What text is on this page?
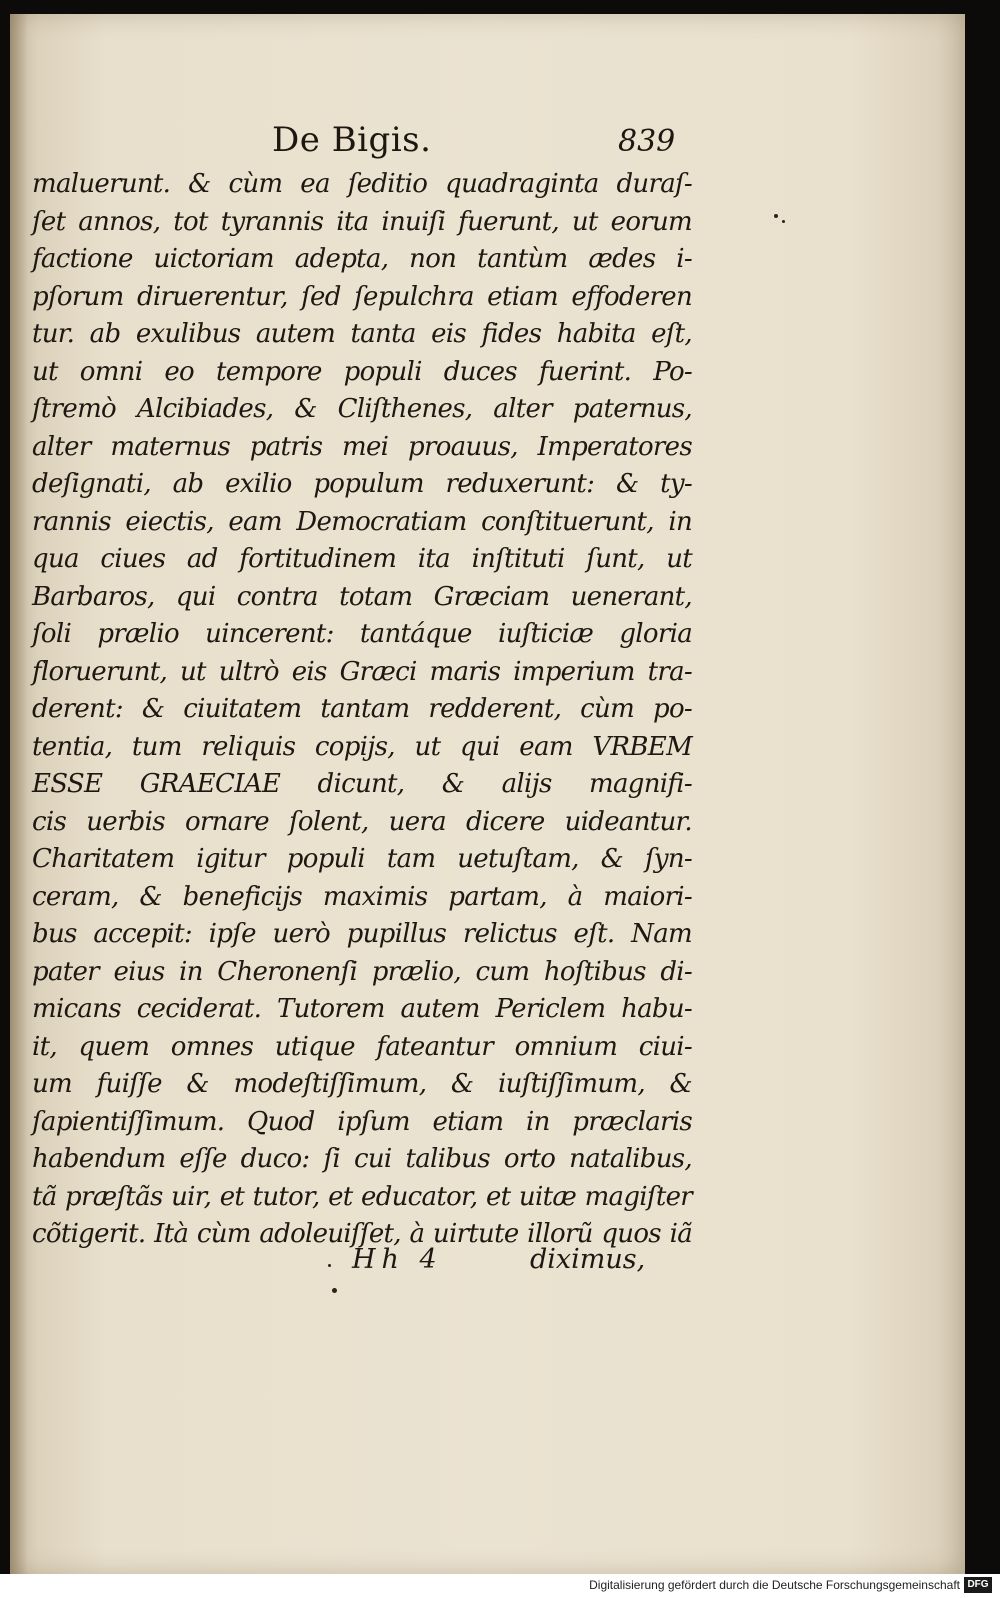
De Bigis.	839
maluerunt. & cùm ea ſeditio quadraginta duraſ-
ſet annos, tot tyrannis ita inuiſi fuerunt, ut eorum
factione uictoriam adepta, non tantùm ædes i-
pſorum diruerentur, ſed ſepulchra etiam effoderen
tur. ab exulibus autem tanta eis fides habita eſt,
ut omni eo tempore populi duces fuerint. Po-
ſtremò Alcibiades, & Cliſthenes, alter paternus,
alter maternus patris mei proauus, Imperatores
deſignati, ab exilio populum reduxerunt: & ty-
rannis eiectis, eam Democratiam conſtituerunt, in
qua ciues ad fortitudinem ita inſtituti ſunt, ut
Barbaros, qui contra totam Græciam uenerant,
ſoli prælio uincerent: tantáque iuſticiæ gloria
floruerunt, ut ultrò eis Græci maris imperium tra-
derent: & ciuitatem tantam redderent, cùm po-
tentia, tum reliquis copijs, ut qui eam VRBEM
ESSE GRAECIAE dicunt, & alijs magnifi-
cis uerbis ornare ſolent, uera dicere uideantur.
Charitatem igitur populi tam uetuſtam, & ſyn-
ceram, & beneficijs maximis partam, à maiori-
bus accepit: ipſe uerò pupillus relictus eſt. Nam
pater eius in Cheronenſi prælio, cum hoſtibus di-
micans ceciderat. Tutorem autem Periclem habu-
it, quem omnes utique fateantur omnium ciui-
um fuiſſe & modeſtiſſimum, & iuſtiſſimum, &
ſapientiſſimum. Quod ipſum etiam in præclaris
habendum eſſe duco: ſi cui talibus orto natalibus,
tã præſtãs uir, et tutor, et educator, et uitæ magiſter
cõtigerit. Ità cùm adoleuiſſet, à uirtute illorũ quos iã
Hh 4	diximus,
Digitalisierung gefördert durch die Deutsche Forschungsgemeinschaft DFG
